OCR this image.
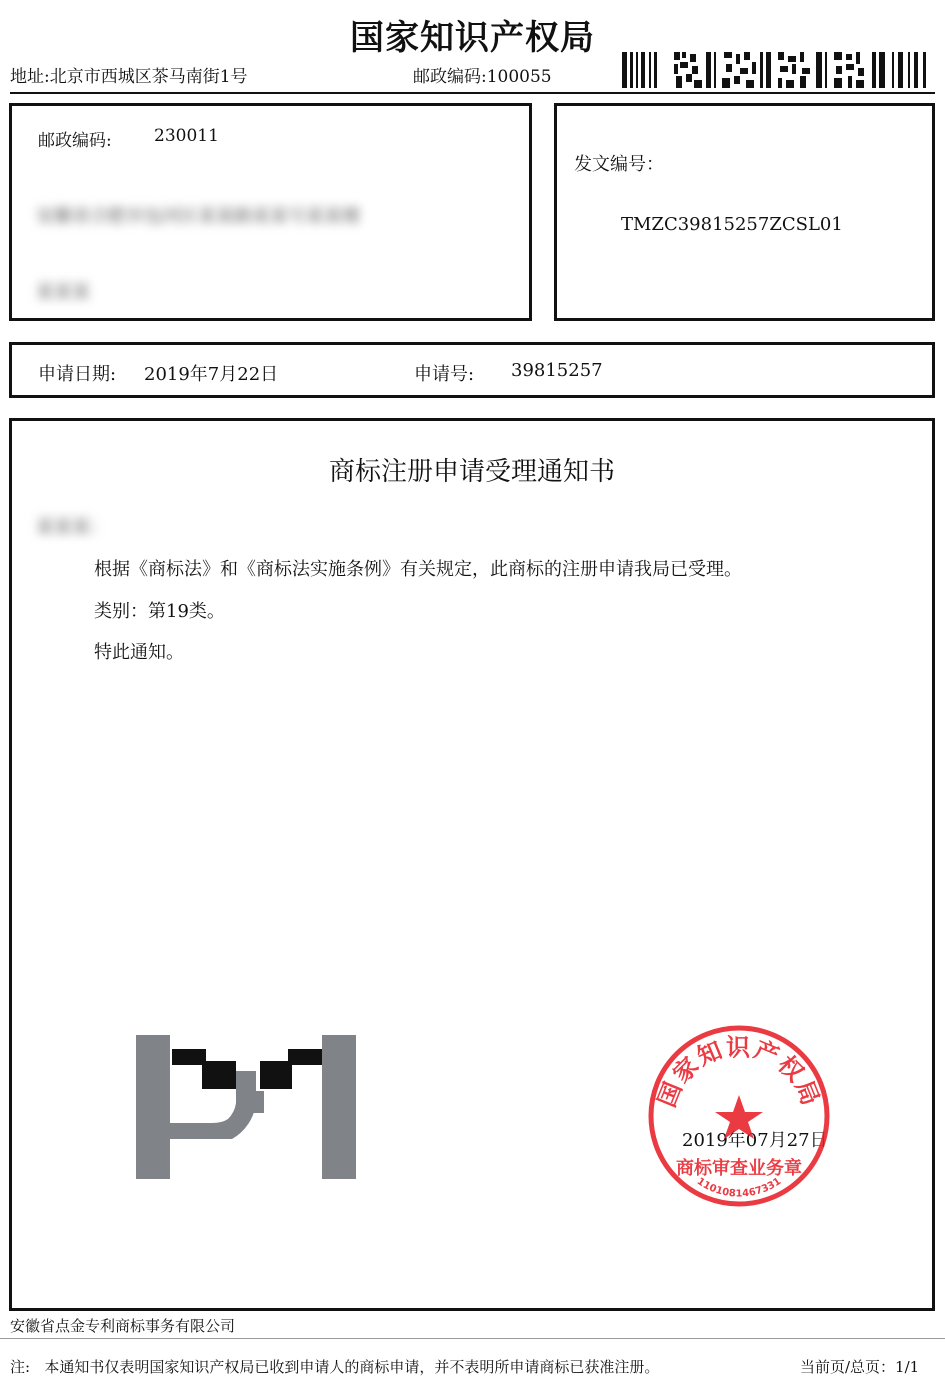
国家知识产权局
地址:北京市西城区茶马南街1号	邮政编码:100055
邮政编码: 230011
安徽省合肥市包河区某某路某某号某某楼
某某某
发文编号：
TMZC39815257ZCSL01
申请日期: 2019年7月22日	申请号: 39815257
商标注册申请受理通知书
某某某：
根据《商标法》和《商标法实施条例》有关规定，此商标的注册申请我局已受理。
类别：第19类。
特此通知。
2019年07月27日
国家知识产权局
商标审查业务章
1101081467331
安徽省点金专利商标事务有限公司
注:   本通知书仅表明国家知识产权局已收到申请人的商标申请，并不表明所申请商标已获准注册。	当前页/总页：1/1
